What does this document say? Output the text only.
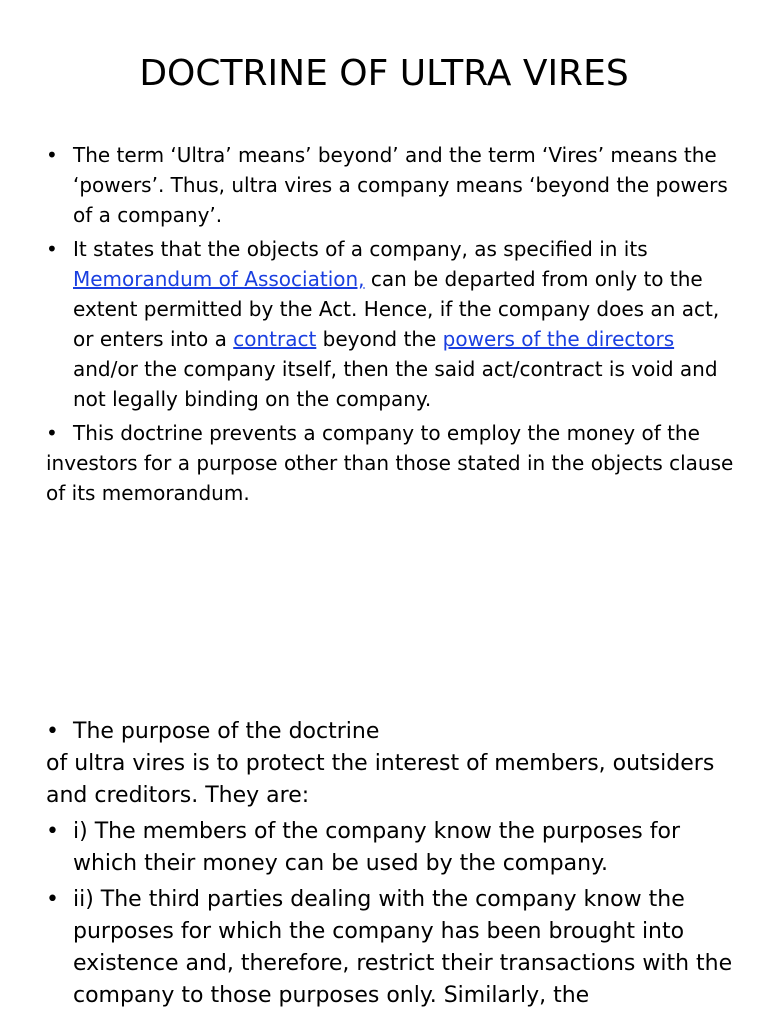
DOCTRINE OF ULTRA VIRES
• The term ‘Ultra’ means’ beyond’ and the term ‘Vires’ means the ‘powers’. Thus, ultra vires a company means ‘beyond the powers of a company’.
• It states that the objects of a company, as specified in its Memorandum of Association, can be departed from only to the extent permitted by the Act. Hence, if the company does an act, or enters into a contract beyond the powers of the directors and/or the company itself, then the said act/contract is void and not legally binding on the company.
• This doctrine prevents a company to employ the money of the
investors for a purpose other than those stated in the objects clause of its memorandum.
• The purpose of the doctrine
of ultra vires is to protect the interest of members, outsiders and creditors. They are:
• i) The members of the company know the purposes for which their money can be used by the company.
• ii) The third parties dealing with the company know the purposes for which the company has been brought into existence and, therefore, restrict their transactions with the company to those purposes only. Similarly, the
